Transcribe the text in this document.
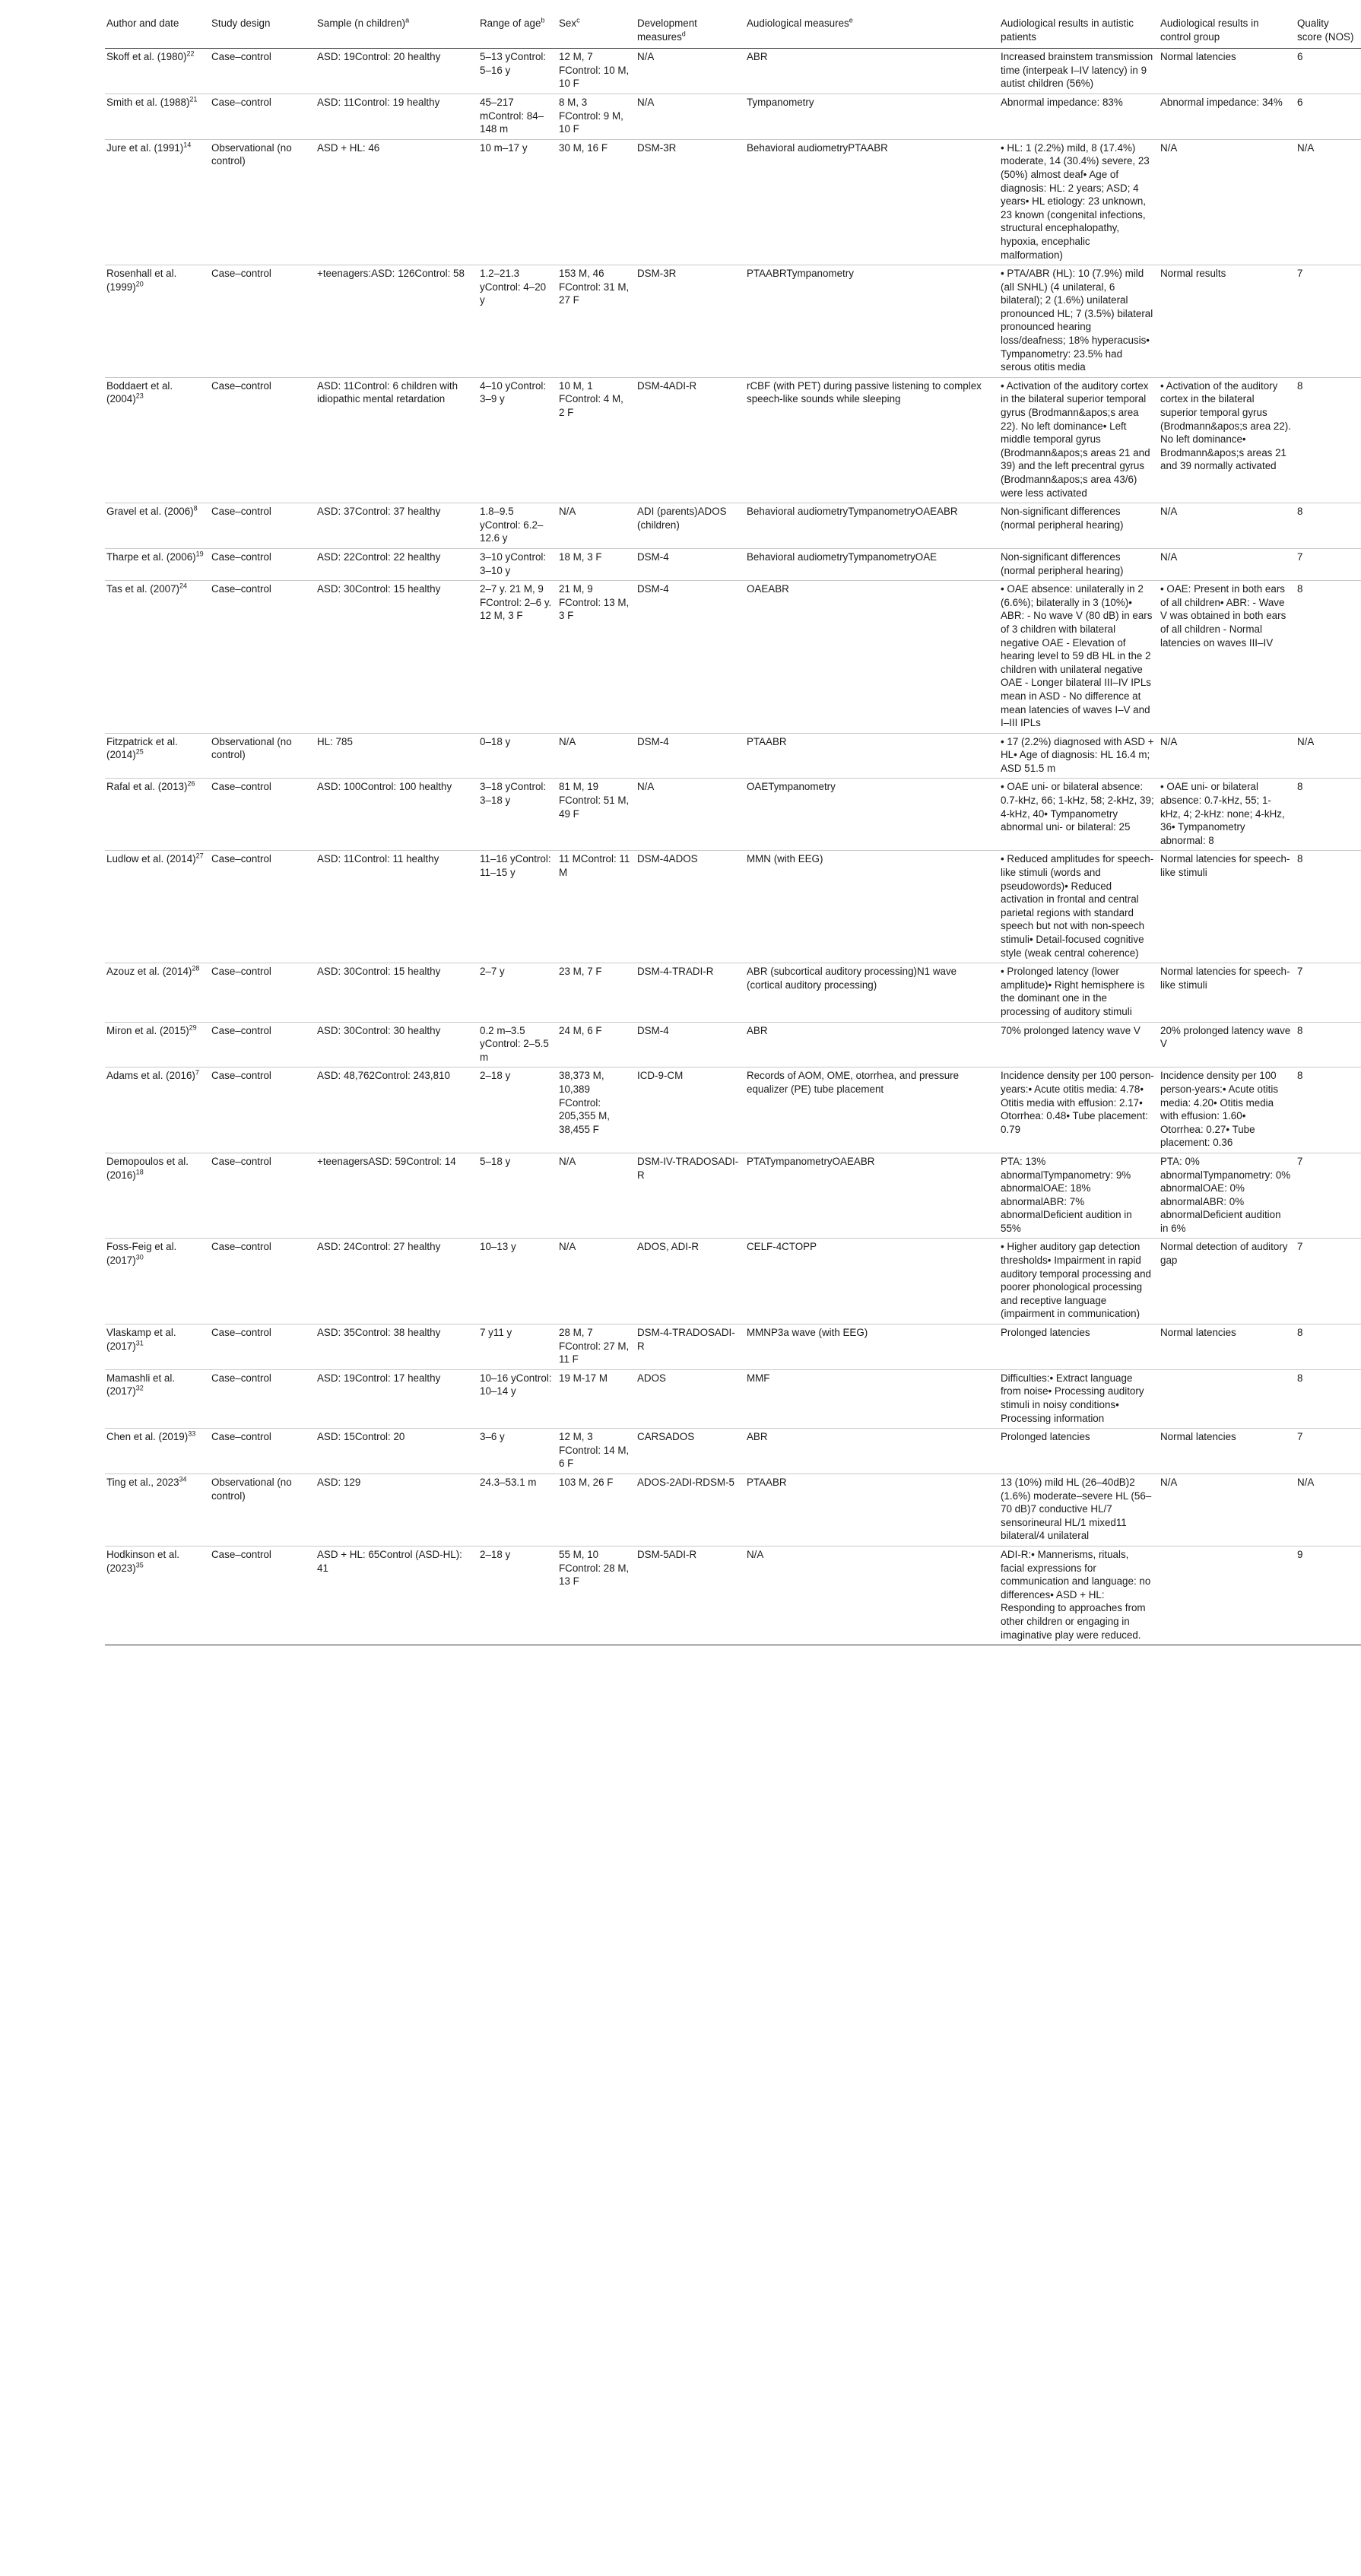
Author and date	Study design	Sample (n children)$^a$	Range of age$^b$	Sex$^c$	Development measures$^d$	Audiological measures$^e$	Audiological results in autistic patients	Audiological results in control group	Quality score (NOS)
Skoff et al. $(1980)^{22}$	Case–control	ASD: 19Control: 20 healthy	5–13 yControl: 5–16 y	12 M, 7 FControl: 10 M, 10 F	N/A	ABR	Increased brainstem transmission time (interpeak I–IV latency) in 9 autist children (56%)	Normal latencies	6
Smith et al. $(1988)^{21}$	Case–control	ASD: 11Control: 19 healthy	45–217 mControl: 84–148 m	8 M, 3 FControl: 9 M, 10 F	N/A	Tympanometry	Abnormal impedance: 83%	Abnormal impedance: 34%	6
Jure et al. $(1991)^{14}$	Observational (no control)	ASD + HL: 46	10 m–17 y	30 M, 16 F	DSM-3R	Behavioral audiometryPTAABR	• HL: 1 (2.2%) mild, 8 (17.4%) moderate, 14 (30.4%) severe, 23 (50%) almost deaf• Age of diagnosis: HL: 2 years; ASD; 4 years• HL etiology: 23 unknown, 23 known (congenital infections, structural encephalopathy, hypoxia, encephalic malformation)	N/A	N/A
Rosenhall et al. $(1999)^{20}$	Case–control	+teenagers:ASD: 126Control: 58	1.2–21.3 yControl: 4–20 y	153 M, 46 FControl: 31 M, 27 F	DSM-3R	PTAABRTympanometry	• PTA/ABR (HL): 10 (7.9%) mild (all SNHL) (4 unilateral, 6 bilateral); 2 (1.6%) unilateral pronounced HL; 7 (3.5%) bilateral pronounced hearing loss/deafness; 18% hyperacusis• Tympanometry: 23.5% had serous otitis media	Normal results	7
Boddaert et al. $(2004)^{23}$	Case–control	ASD: 11Control: 6 children with idiopathic mental retardation	4–10 yControl: 3–9 y	10 M, 1 FControl: 4 M, 2 F	DSM-4ADI-R	rCBF (with PET) during passive listening to complex speech-like sounds while sleeping	• Activation of the auditory cortex in the bilateral superior temporal gyrus (Brodmann&apos;s area 22). No left dominance• Left middle temporal gyrus (Brodmann&apos;s areas 21 and 39) and the left precentral gyrus (Brodmann&apos;s area 43/6) were less activated	• Activation of the auditory cortex in the bilateral superior temporal gyrus (Brodmann&apos;s area 22). No left dominance• Brodmann&apos;s areas 21 and 39 normally activated	8
Gravel et al. $(2006)^8$	Case–control	ASD: 37Control: 37 healthy	1.8–9.5 yControl: 6.2–12.6 y	N/A	ADI (parents)ADOS (children)	Behavioral audiometryTympanometryOAEABR	Non-significant differences (normal peripheral hearing)	N/A	8
Tharpe et al. $(2006)^{19}$	Case–control	ASD: 22Control: 22 healthy	3–10 yControl: 3–10 y	18 M, 3 F	DSM-4	Behavioral audiometryTympanometryOAE	Non-significant differences (normal peripheral hearing)	N/A	7
Tas et al. $(2007)^{24}$	Case–control	ASD: 30Control: 15 healthy	2–7 y. 21 M, 9 FControl: 2–6 y. 12 M, 3 F	21 M, 9 FControl: 13 M, 3 F	DSM-4	OAEABR	• OAE absence: unilaterally in 2 (6.6%); bilaterally in 3 (10%)• ABR: - No wave V (80 dB) in ears of 3 children with bilateral negative OAE - Elevation of hearing level to 59 dB HL in the 2 children with unilateral negative OAE - Longer bilateral III–IV IPLs mean in ASD - No difference at mean latencies of waves I–V and I–III IPLs	• OAE: Present in both ears of all children• ABR: - Wave V was obtained in both ears of all children - Normal latencies on waves III–IV	8
Fitzpatrick et al. $(2014)^{25}$	Observational (no control)	HL: 785	0–18 y	N/A	DSM-4	PTAABR	• 17 (2.2%) diagnosed with ASD + HL• Age of diagnosis: HL 16.4 m; ASD 51.5 m	N/A	N/A
Rafal et al. $(2013)^{26}$	Case–control	ASD: 100Control: 100 healthy	3–18 yControl: 3–18 y	81 M, 19 FControl: 51 M, 49 F	N/A	OAETympanometry	• OAE uni- or bilateral absence: 0.7-kHz, 66; 1-kHz, 58; 2-kHz, 39; 4-kHz, 40• Tympanometry abnormal uni- or bilateral: 25	• OAE uni- or bilateral absence: 0.7-kHz, 55; 1-kHz, 4; 2-kHz: none; 4-kHz, 36• Tympanometry abnormal: 8	8
Ludlow et al. $(2014)^{27}$	Case–control	ASD: 11Control: 11 healthy	11–16 yControl: 11–15 y	11 MControl: 11 M	DSM-4ADOS	MMN (with EEG)	• Reduced amplitudes for speech-like stimuli (words and pseudowords)• Reduced activation in frontal and central parietal regions with standard speech but not with non-speech stimuli• Detail-focused cognitive style (weak central coherence)	Normal latencies for speech-like stimuli	8
Azouz et al. $(2014)^{28}$	Case–control	ASD: 30Control: 15 healthy	2–7 y	23 M, 7 F	DSM-4-TRADI-R	ABR (subcortical auditory processing)N1 wave (cortical auditory processing)	• Prolonged latency (lower amplitude)• Right hemisphere is the dominant one in the processing of auditory stimuli	Normal latencies for speech-like stimuli	7
Miron et al. $(2015)^{29}$	Case–control	ASD: 30Control: 30 healthy	0.2 m–3.5 yControl: 2–5.5 m	24 M, 6 F	DSM-4	ABR	70% prolonged latency wave V	20% prolonged latency wave V	8
Adams et al. $(2016)^7$	Case–control	ASD: 48,762Control: 243,810	2–18 y	38,373 M, 10,389 FControl: 205,355 M, 38,455 F	ICD-9-CM	Records of AOM, OME, otorrhea, and pressure equalizer (PE) tube placement	Incidence density per 100 person-years:• Acute otitis media: 4.78• Otitis media with effusion: 2.17• Otorrhea: 0.48• Tube placement: 0.79	Incidence density per 100 person-years:• Acute otitis media: 4.20• Otitis media with effusion: 1.60• Otorrhea: 0.27• Tube placement: 0.36	8
Demopoulos et al. $(2016)^{18}$	Case–control	+teenagersASD: 59Control: 14	5–18 y	N/A	DSM-IV-TRADOSADI-R	PTATympanometryOAEABR	PTA: 13% abnormalTympanometry: 9% abnormalOAE: 18% abnormalABR: 7% abnormalDeficient audition in 55%	PTA: 0% abnormalTympanometry: 0% abnormalOAE: 0% abnormalABR: 0% abnormalDeficient audition in 6%	7
Foss-Feig et al. $(2017)^{30}$	Case–control	ASD: 24Control: 27 healthy	10–13 y	N/A	ADOS, ADI-R	CELF-4CTOPP	• Higher auditory gap detection thresholds• Impairment in rapid auditory temporal processing and poorer phonological processing and receptive language (impairment in communication)	Normal detection of auditory gap	7
Vlaskamp et al. $(2017)^{31}$	Case–control	ASD: 35Control: 38 healthy	7 y11 y	28 M, 7 FControl: 27 M, 11 F	DSM-4-TRADOSADI-R	MMNP3a wave (with EEG)	Prolonged latencies	Normal latencies	8
Mamashli et al. $(2017)^{32}$	Case–control	ASD: 19Control: 17 healthy	10–16 yControl: 10–14 y	19 M-17 M	ADOS	MMF	Difficulties:• Extract language from noise• Processing auditory stimuli in noisy conditions• Processing information		8
Chen et al. $(2019)^{33}$	Case–control	ASD: 15Control: 20	3–6 y	12 M, 3 FControl: 14 M, 6 F	CARSADOS	ABR	Prolonged latencies	Normal latencies	7
Ting et al., 2023$^{34}$	Observational (no control)	ASD: 129	24.3–53.1 m	103 M, 26 F	ADOS-2ADI-RDSM-5	PTAABR	13 (10%) mild HL (26–40dB)2 (1.6%) moderate–severe HL (56–70 dB)7 conductive HL/7 sensorineural HL/1 mixed11 bilateral/4 unilateral	N/A	N/A
Hodkinson et al. $(2023)^{35}$	Case–control	ASD + HL: 65Control (ASD-HL): 41	2–18 y	55 M, 10 FControl: 28 M, 13 F	DSM-5ADI-R	N/A	ADI-R:• Mannerisms, rituals, facial expressions for communication and language: no differences• ASD + HL: Responding to approaches from other children or engaging in imaginative play were reduced.		9
